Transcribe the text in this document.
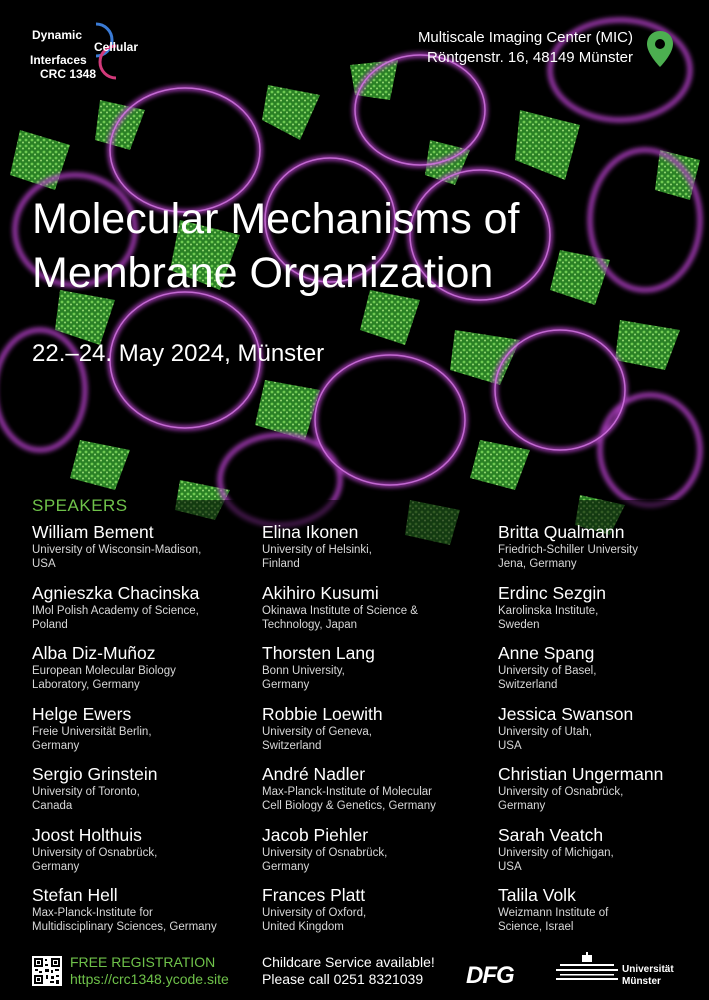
Dynamic
Cellular
Interfaces
CRC 1348
Multiscale Imaging Center (MIC)
Röntgenstr. 16, 48149 Münster
Molecular Mechanisms of
Membrane Organization
22.–24. May 2024, Münster
SPEAKERS
William Bement
University of Wisconsin-Madison,
USA
Agnieszka Chacinska
IMol Polish Academy of Science,
Poland
Alba Diz-Muñoz
European Molecular Biology
Laboratory, Germany
Helge Ewers
Freie Universität Berlin,
Germany
Sergio Grinstein
University of Toronto,
Canada
Joost Holthuis
University of Osnabrück,
Germany
Stefan Hell
Max-Planck-Institute for
Multidisciplinary Sciences, Germany
Elina Ikonen
University of Helsinki,
Finland
Akihiro Kusumi
Okinawa Institute of Science &
Technology, Japan
Thorsten Lang
Bonn University,
Germany
Robbie Loewith
University of Geneva,
Switzerland
André Nadler
Max-Planck-Institute of Molecular
Cell Biology & Genetics, Germany
Jacob Piehler
University of Osnabrück,
Germany
Frances Platt
University of Oxford,
United Kingdom
Britta Qualmann
Friedrich-Schiller University
Jena, Germany
Erdinc Sezgin
Karolinska Institute,
Sweden
Anne Spang
University of Basel,
Switzerland
Jessica Swanson
University of Utah,
USA
Christian Ungermann
University of Osnabrück,
Germany
Sarah Veatch
University of Michigan,
USA
Talila Volk
Weizmann Institute of
Science, Israel
FREE REGISTRATION
https://crc1348.ycode.site
Childcare Service available!
Please call 0251 8321039	DFG	Universität
Münster
